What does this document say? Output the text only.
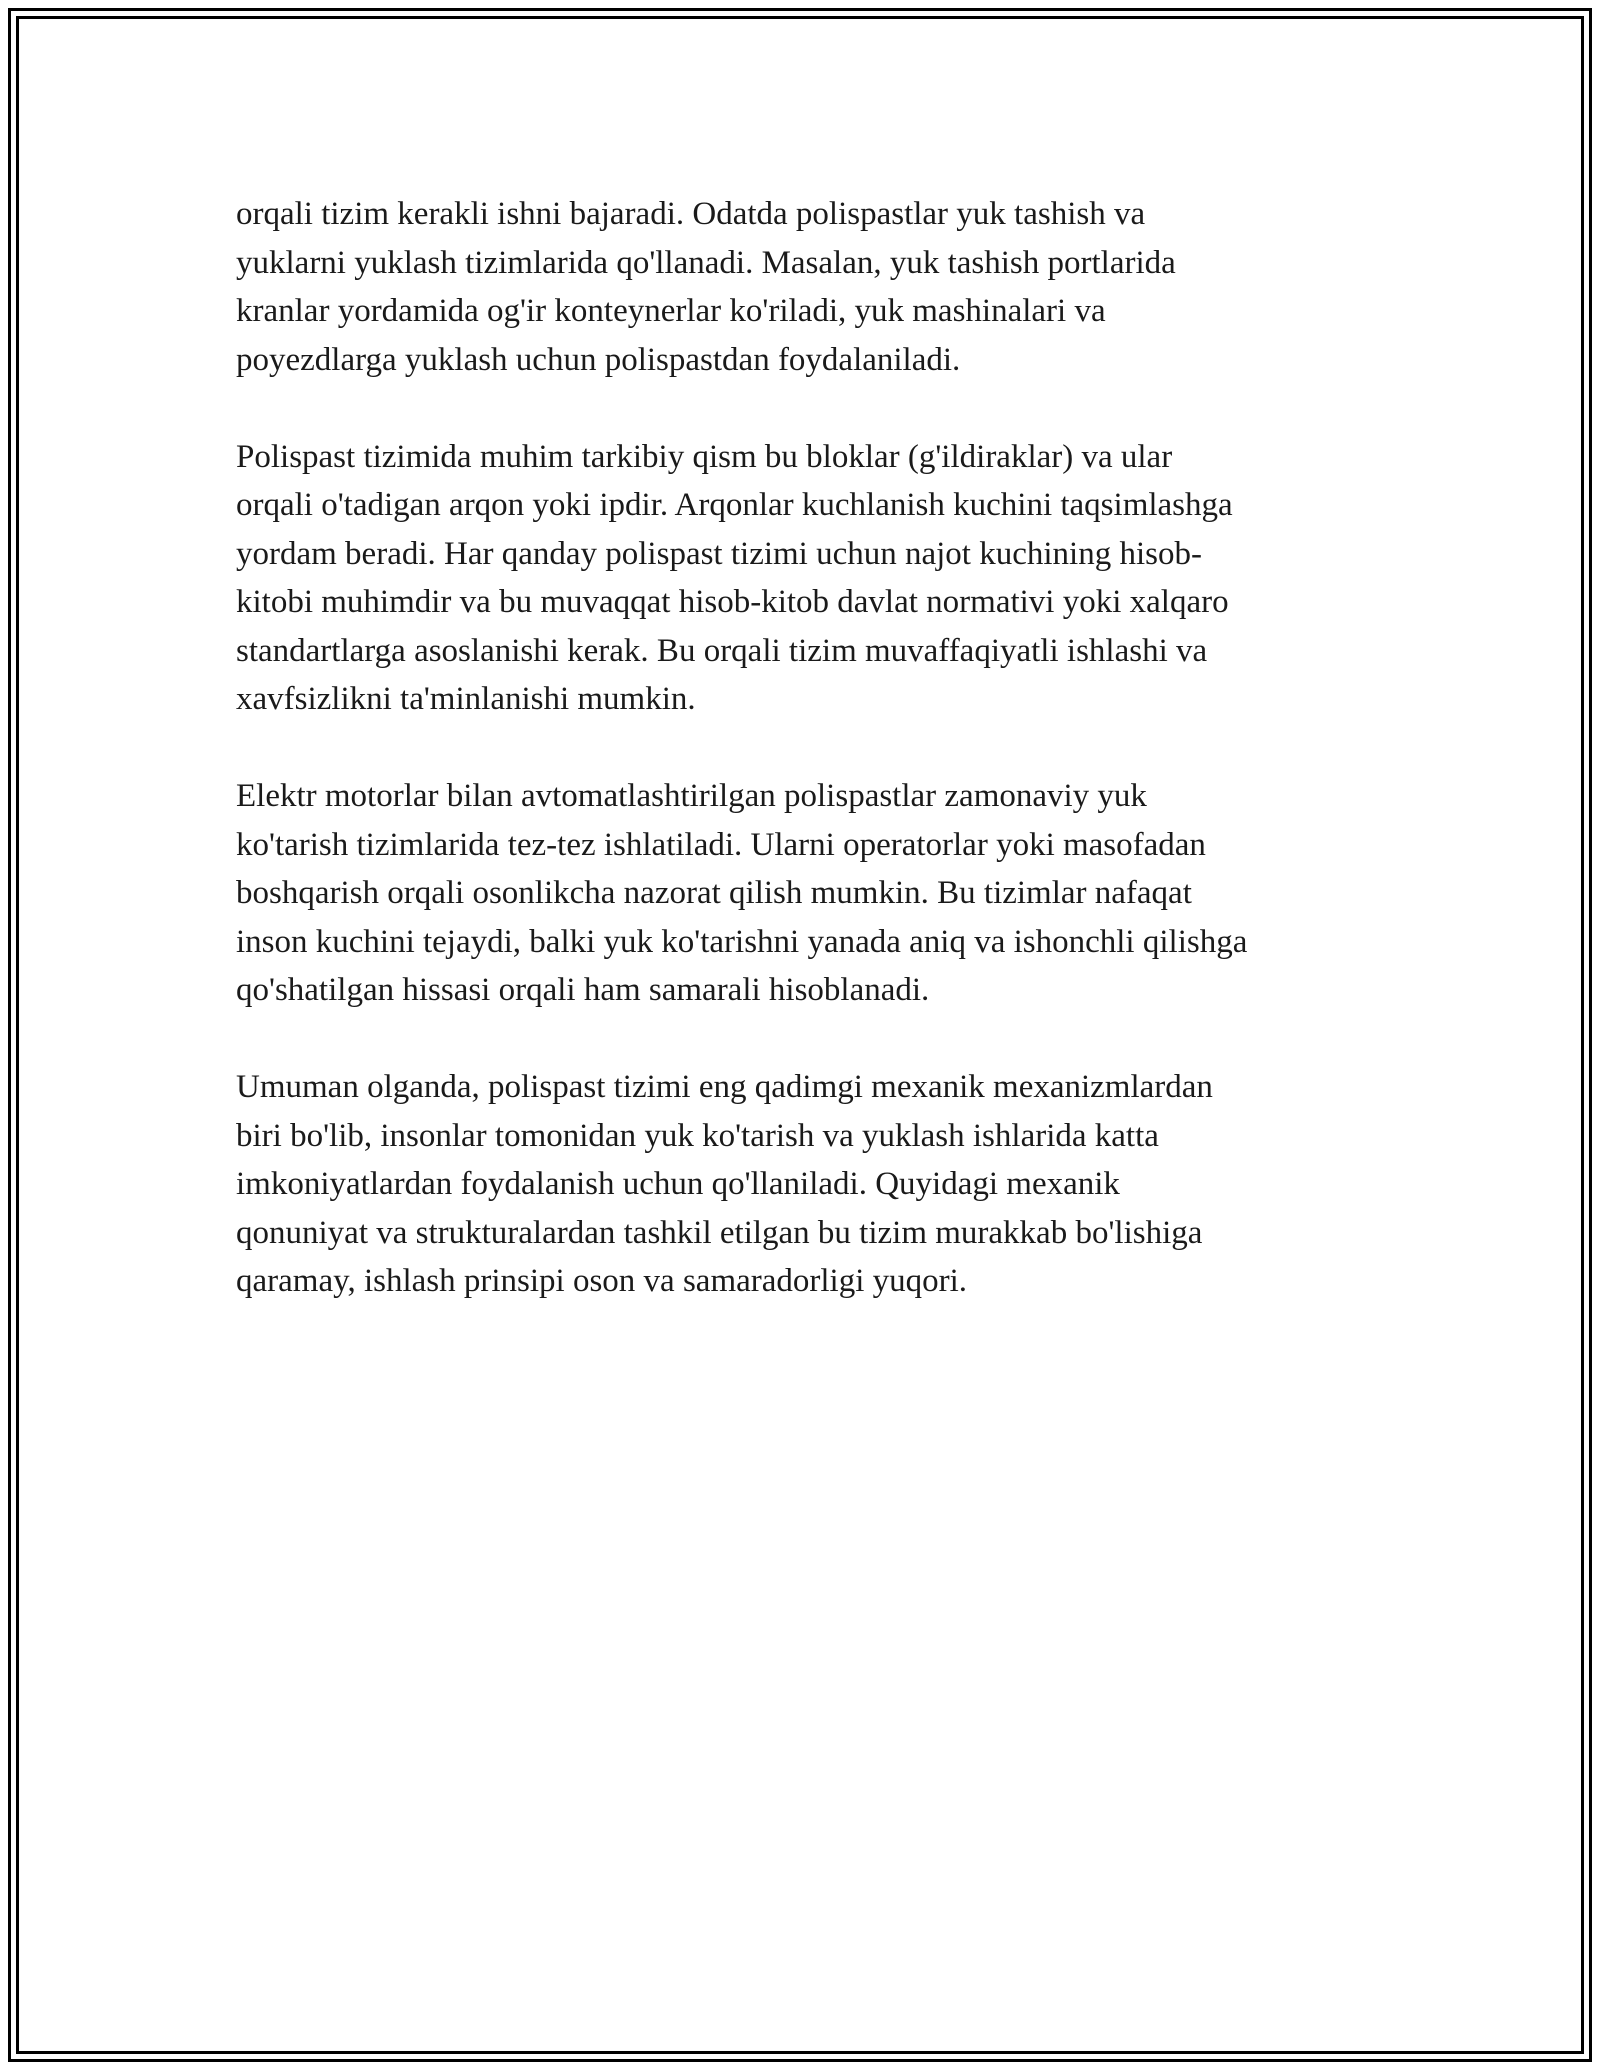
orqali tizim kerakli ishni bajaradi. Odatda polispastlar yuk tashish va
yuklarni yuklash tizimlarida qo'llanadi. Masalan, yuk tashish portlarida
kranlar yordamida og'ir konteynerlar ko'riladi, yuk mashinalari va
poyezdlarga yuklash uchun polispastdan foydalaniladi.

Polispast tizimida muhim tarkibiy qism bu bloklar (g'ildiraklar) va ular
orqali o'tadigan arqon yoki ipdir. Arqonlar kuchlanish kuchini taqsimlashga
yordam beradi. Har qanday polispast tizimi uchun najot kuchining hisob-
kitobi muhimdir va bu muvaqqat hisob-kitob davlat normativi yoki xalqaro
standartlarga asoslanishi kerak. Bu orqali tizim muvaffaqiyatli ishlashi va
xavfsizlikni ta'minlanishi mumkin.

Elektr motorlar bilan avtomatlashtirilgan polispastlar zamonaviy yuk
ko'tarish tizimlarida tez-tez ishlatiladi. Ularni operatorlar yoki masofadan
boshqarish orqali osonlikcha nazorat qilish mumkin. Bu tizimlar nafaqat
inson kuchini tejaydi, balki yuk ko'tarishni yanada aniq va ishonchli qilishga
qo'shatilgan hissasi orqali ham samarali hisoblanadi.

Umuman olganda, polispast tizimi eng qadimgi mexanik mexanizmlardan
biri bo'lib, insonlar tomonidan yuk ko'tarish va yuklash ishlarida katta
imkoniyatlardan foydalanish uchun qo'llaniladi. Quyidagi mexanik
qonuniyat va strukturalardan tashkil etilgan bu tizim murakkab bo'lishiga
qaramay, ishlash prinsipi oson va samaradorligi yuqori.
